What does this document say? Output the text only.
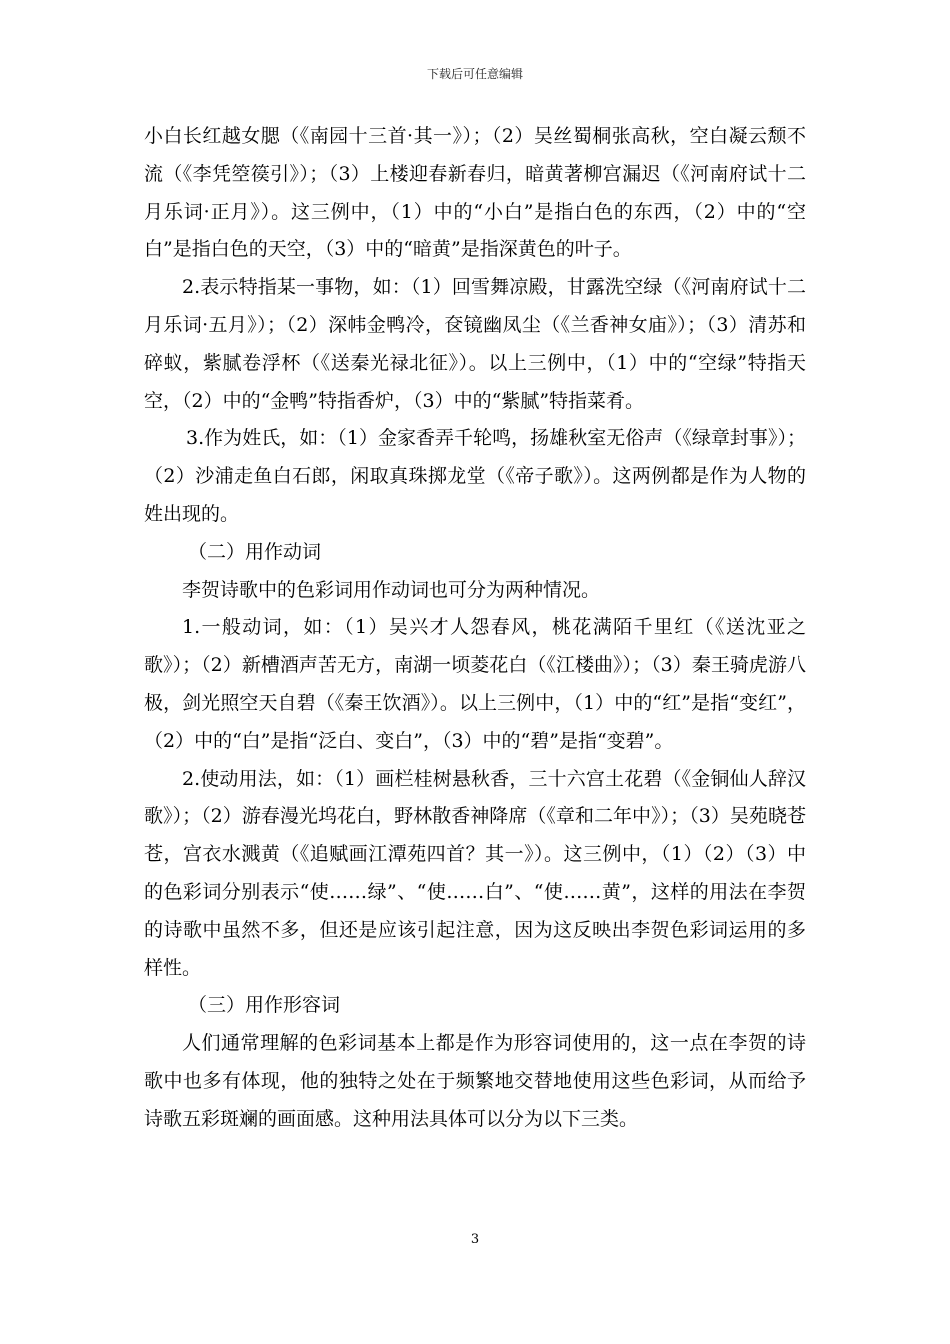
下载后可任意编辑

小白长红越女腮（《南园十三首·其一》）；（2）吴丝蜀桐张高秋，空白凝云颓不流（《李凭箜篌引》）；（3）上楼迎春新春归，暗黄著柳宫漏迟（《河南府试十二月乐词·正月》）。这三例中，（1）中的“小白”是指白色的东西，（2）中的“空白”是指白色的天空，（3）中的“暗黄”是指深黄色的叶子。

2.表示特指某一事物，如：（1）回雪舞凉殿，甘露洗空绿（《河南府试十二月乐词·五月》）；（2）深帏金鸭冷，奁镜幽凤尘（《兰香神女庙》）；（3）清苏和碎蚁，紫腻卷浮杯（《送秦光禄北征》）。以上三例中，（1）中的“空绿”特指天空，（2）中的“金鸭”特指香炉，（3）中的“紫腻”特指菜肴。

3.作为姓氏，如：（1）金家香弄千轮鸣，扬雄秋室无俗声（《绿章封事》）；（2）沙浦走鱼白石郎，闲取真珠掷龙堂（《帝子歌》）。这两例都是作为人物的姓出现的。

（二）用作动词

李贺诗歌中的色彩词用作动词也可分为两种情况。

1.一般动词，如：（1）吴兴才人怨春风，桃花满陌千里红（《送沈亚之歌》）；（2）新槽酒声苦无方，南湖一顷菱花白（《江楼曲》）；（3）秦王骑虎游八极，剑光照空天自碧（《秦王饮酒》）。以上三例中，（1）中的“红”是指“变红”，（2）中的“白”是指“泛白、变白”，（3）中的“碧”是指“变碧”。

2.使动用法，如：（1）画栏桂树悬秋香，三十六宫土花碧（《金铜仙人辞汉歌》）；（2）游春漫光坞花白，野林散香神降席（《章和二年中》）；（3）吴苑晓苍苍，宫衣水溅黄（《追赋画江潭苑四首？其一》）。这三例中，（1）（2）（3）中的色彩词分别表示“使……绿”、“使……白”、“使……黄”，这样的用法在李贺的诗歌中虽然不多，但还是应该引起注意，因为这反映出李贺色彩词运用的多样性。

（三）用作形容词

人们通常理解的色彩词基本上都是作为形容词使用的，这一点在李贺的诗歌中也多有体现，他的独特之处在于频繁地交替地使用这些色彩词，从而给予诗歌五彩斑斓的画面感。这种用法具体可以分为以下三类。

3
